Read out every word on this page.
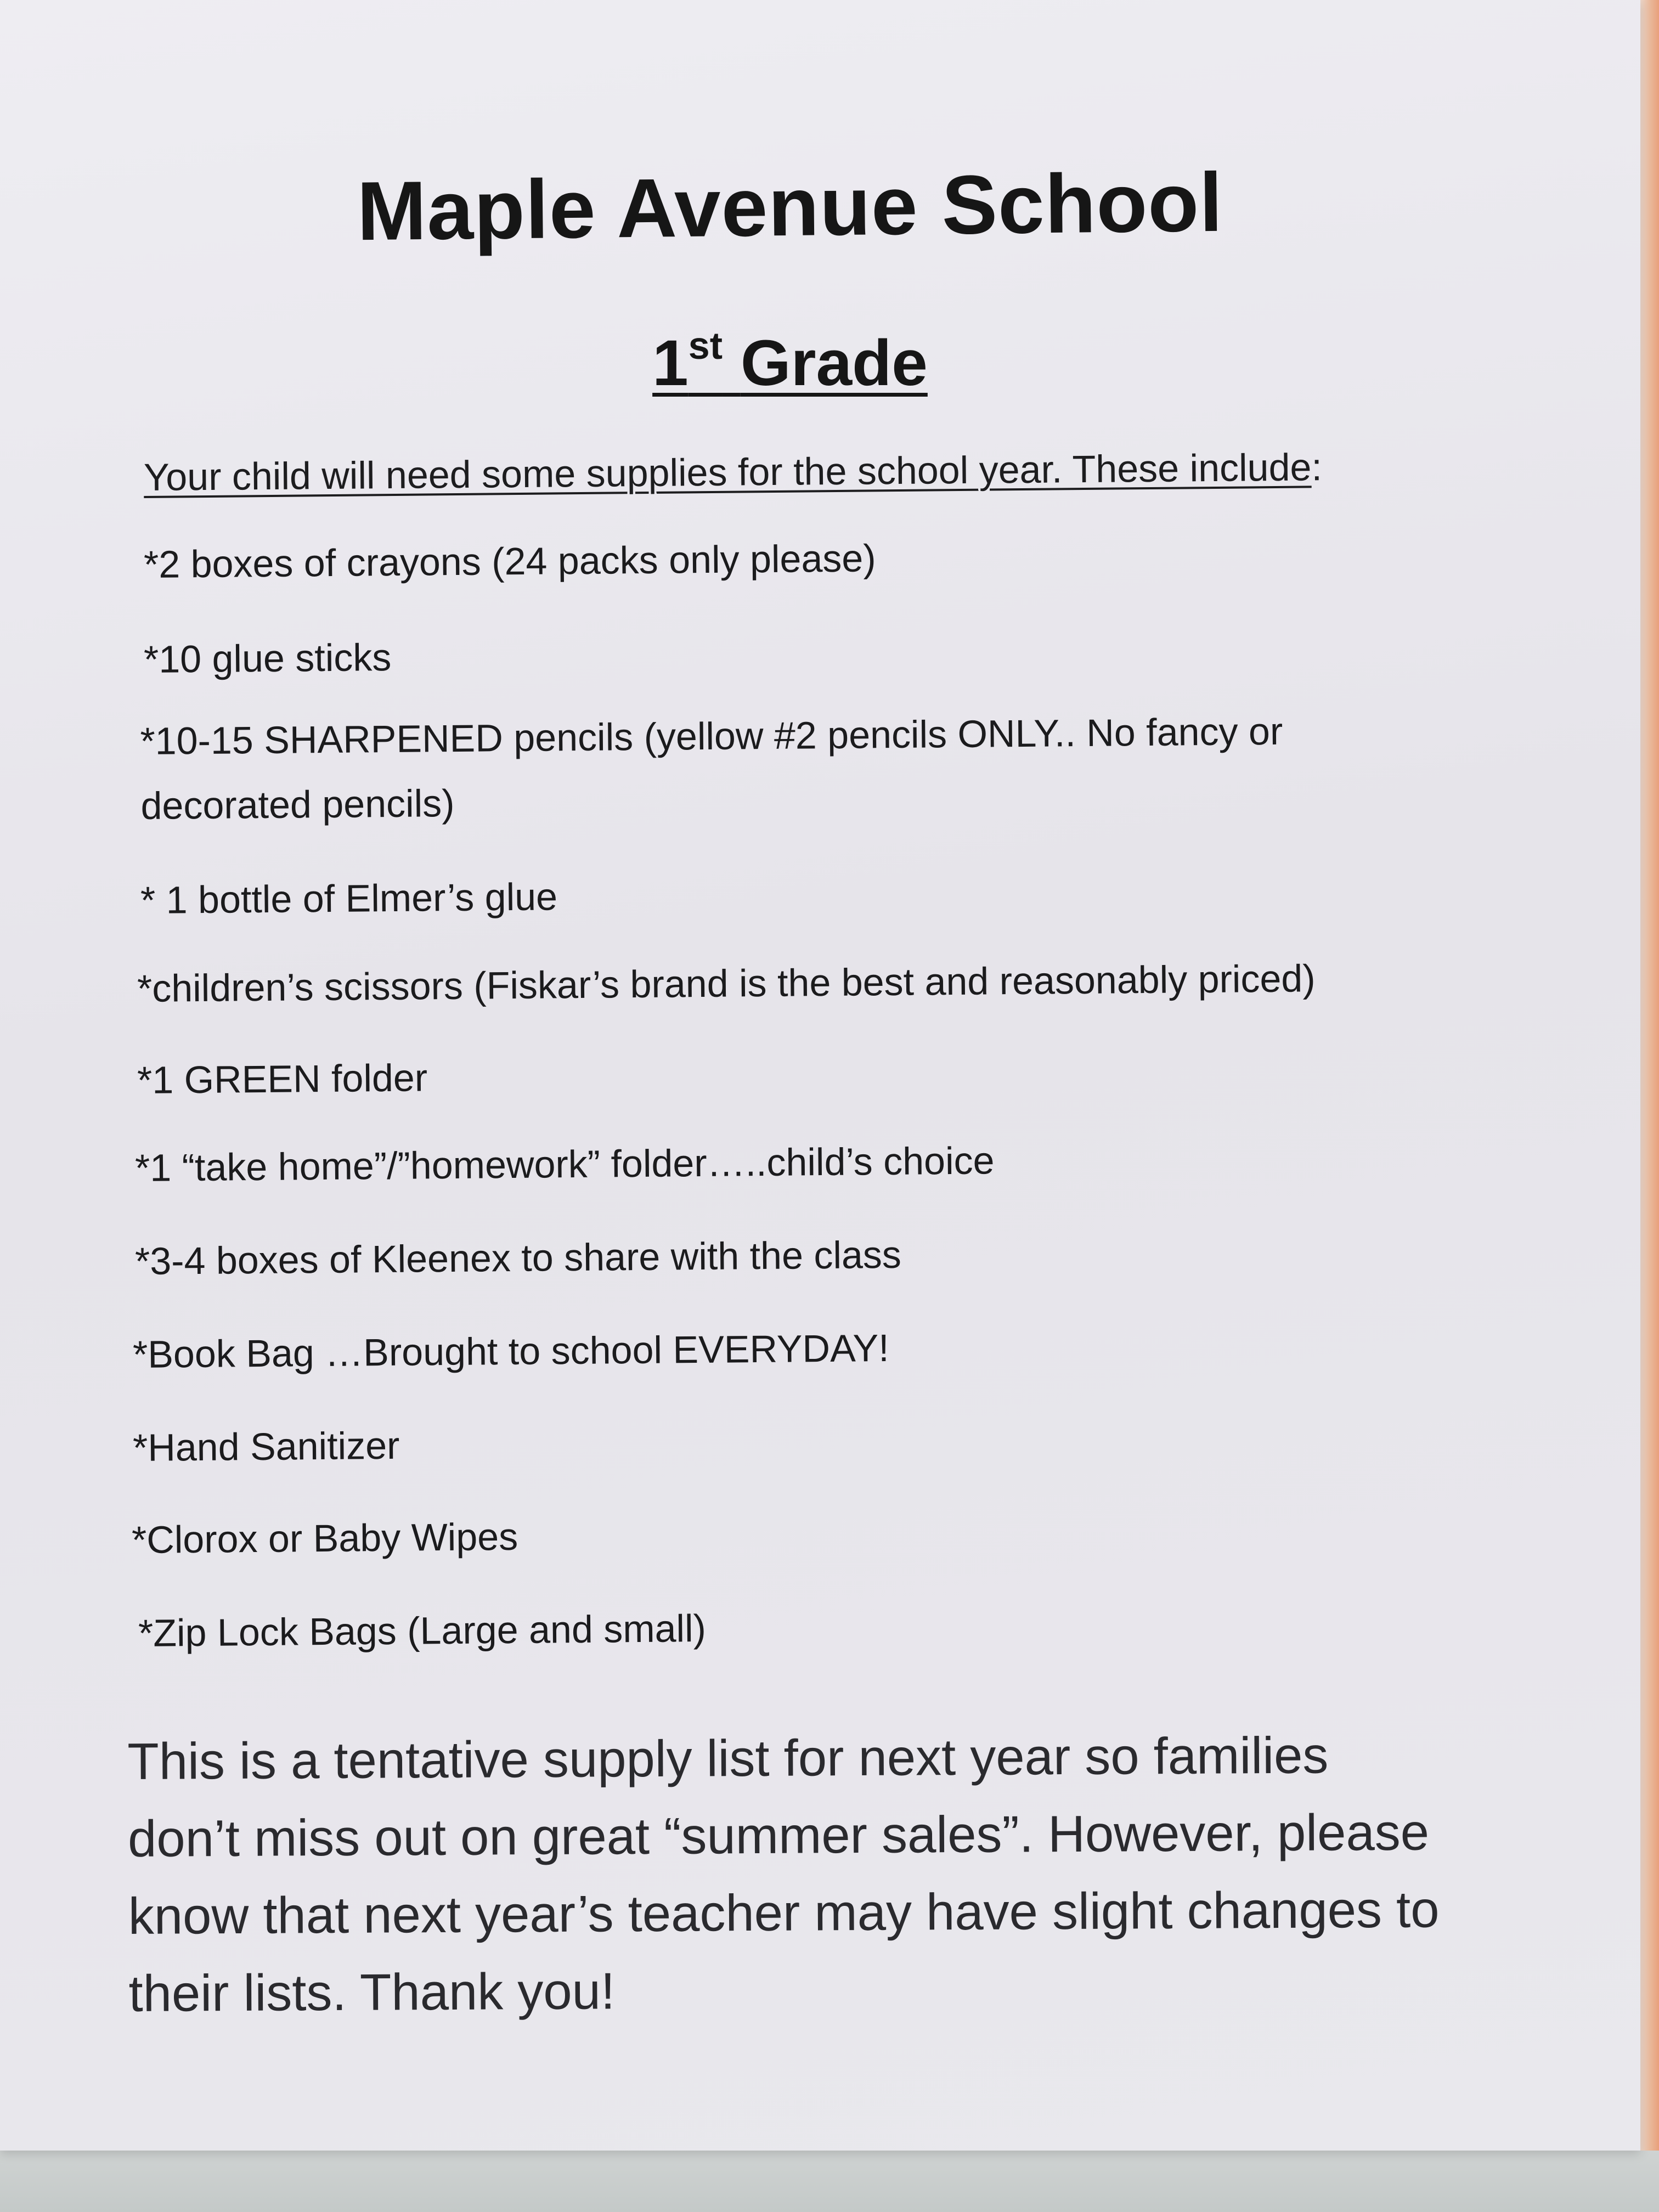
Maple Avenue School
1st Grade
Your child will need some supplies for the school year. These include:
*2 boxes of crayons (24 packs only please)
*10 glue sticks
*10-15 SHARPENED pencils (yellow #2 pencils ONLY.. No fancy or decorated pencils)
* 1 bottle of Elmer’s glue
*children’s scissors (Fiskar’s brand is the best and reasonably priced)
*1 GREEN folder
*1 “take home”/”homework” folder…..child’s choice
*3-4 boxes of Kleenex to share with the class
*Book Bag …Brought to school EVERYDAY!
*Hand Sanitizer
*Clorox or Baby Wipes
*Zip Lock Bags (Large and small)
This is a tentative supply list for next year so families don’t miss out on great “summer sales”. However, please know that next year’s teacher may have slight changes to their lists. Thank you!
